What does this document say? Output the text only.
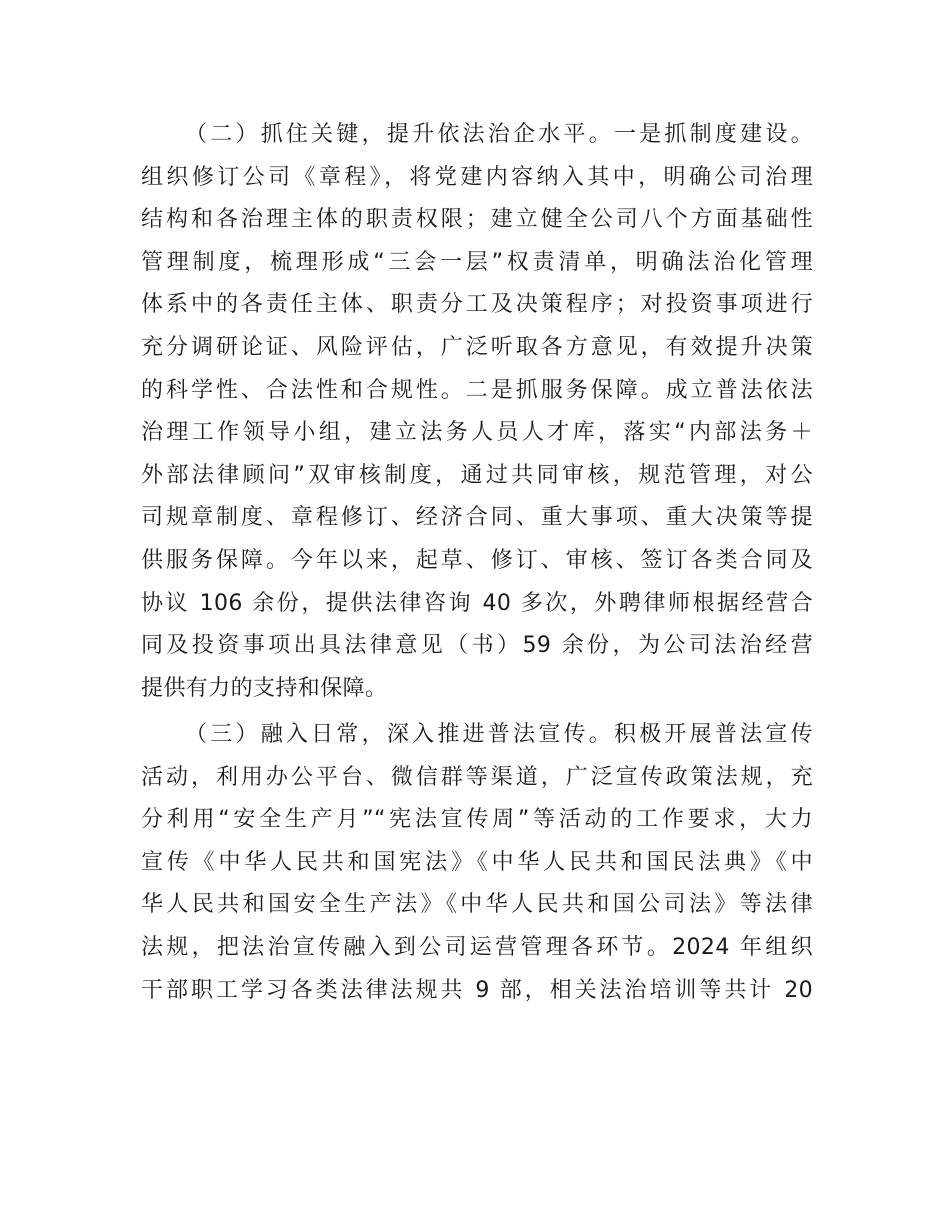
（二）抓住关键，提升依法治企水平。一是抓制度建设。
组织修订公司《章程》，将党建内容纳入其中，明确公司治理
结构和各治理主体的职责权限；建立健全公司八个方面基础性
管理制度，梳理形成“三会一层”权责清单，明确法治化管理
体系中的各责任主体、职责分工及决策程序；对投资事项进行
充分调研论证、风险评估，广泛听取各方意见，有效提升决策
的科学性、合法性和合规性。二是抓服务保障。成立普法依法
治理工作领导小组，建立法务人员人才库，落实“内部法务＋
外部法律顾问”双审核制度，通过共同审核，规范管理，对公
司规章制度、章程修订、经济合同、重大事项、重大决策等提
供服务保障。今年以来，起草、修订、审核、签订各类合同及
协议 106 余份，提供法律咨询 40 多次，外聘律师根据经营合
同及投资事项出具法律意见（书）59 余份，为公司法治经营
提供有力的支持和保障。
（三）融入日常，深入推进普法宣传。积极开展普法宣传
活动，利用办公平台、微信群等渠道，广泛宣传政策法规，充
分利用“安全生产月”“宪法宣传周”等活动的工作要求，大力
宣传《中华人民共和国宪法》《中华人民共和国民法典》《中
华人民共和国安全生产法》《中华人民共和国公司法》等法律
法规，把法治宣传融入到公司运营管理各环节。2024 年组织
干部职工学习各类法律法规共 9 部，相关法治培训等共计 20
